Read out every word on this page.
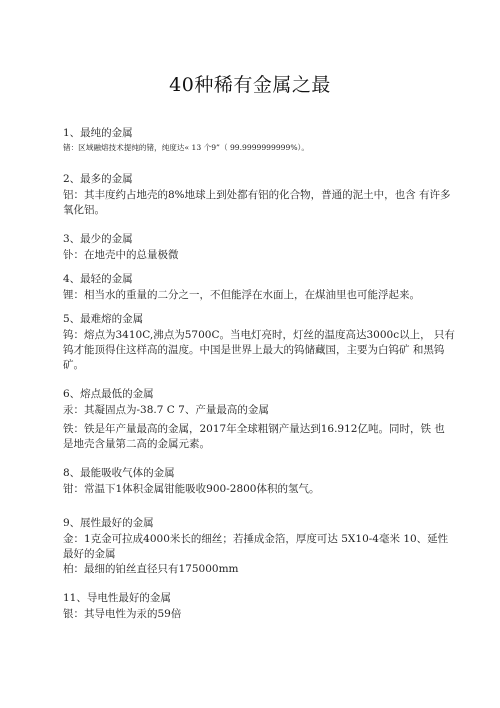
40种稀有金属之最
1、最纯的金属
锗：区域融熔技术提纯的锗，纯度达« 13 个9”（ 99.9999999999%）。
2、最多的金属
铝：其丰度约占地壳的8%地球上到处都有铝的化合物，普通的泥土中，也含 有许多
氧化铝。
3、最少的金属
钋：在地壳中的总量极微
4、最轻的金属
锂：相当水的重量的二分之一，不但能浮在水面上，在煤油里也可能浮起来。
5、最难熔的金属
钨：熔点为3410C,沸点为5700C。当电灯亮时，灯丝的温度高达3000c以上， 只有
钨才能顶得住这样高的温度。中国是世界上最大的钨储藏国，主要为白钨矿 和黑钨
矿。
6、熔点最低的金属
汞：其凝固点为-38.7 C 7、产量最高的金属
铁：铁是年产量最高的金属，2017年全球粗钢产量达到16.912亿吨。同时，铁 也
是地壳含量第二高的金属元素。
8、最能吸收气体的金属
钳：常温下1体积金属钳能吸收900-2800体积的氢气。
9、展性最好的金属
金：1克金可拉成4000米长的细丝；若捶成金箔，厚度可达 5X10-4毫米 10、延性
最好的金属
柏：最细的铂丝直径只有175000mm
11、导电性最好的金属
银：其导电性为汞的59倍
